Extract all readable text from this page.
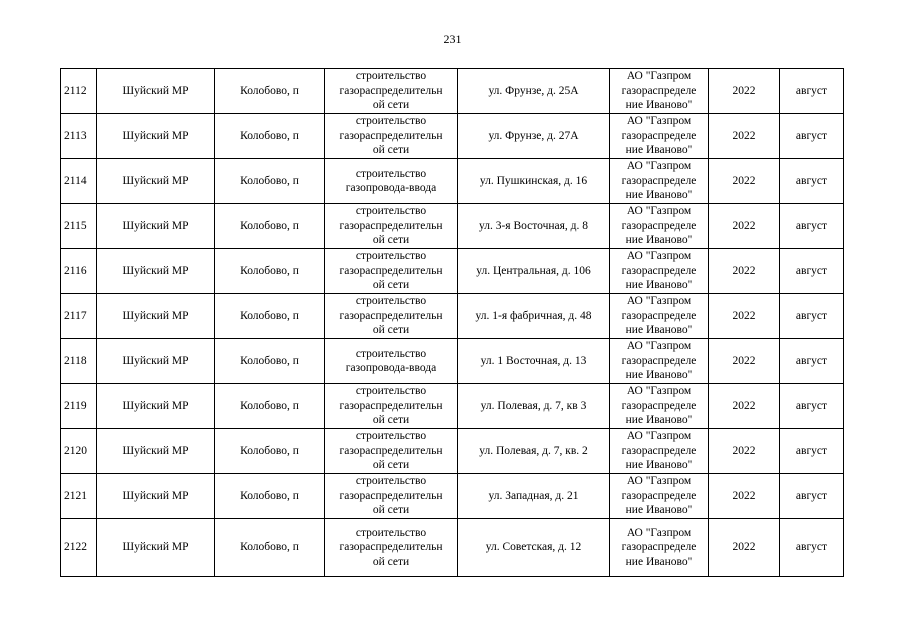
231
2112	Шуйский МР	Колобово, п	строительство
газораспределительн
ой сети	ул. Фрунзе, д. 25А	АО "Газпром
газораспределе
ние Иваново"	2022	август
2113	Шуйский МР	Колобово, п	строительство
газораспределительн
ой сети	ул. Фрунзе, д. 27А	АО "Газпром
газораспределе
ние Иваново"	2022	август
2114	Шуйский МР	Колобово, п	строительство
газопровода-ввода	ул. Пушкинская, д. 16	АО "Газпром
газораспределе
ние Иваново"	2022	август
2115	Шуйский МР	Колобово, п	строительство
газораспределительн
ой сети	ул. 3-я Восточная, д. 8	АО "Газпром
газораспределе
ние Иваново"	2022	август
2116	Шуйский МР	Колобово, п	строительство
газораспределительн
ой сети	ул. Центральная, д. 106	АО "Газпром
газораспределе
ние Иваново"	2022	август
2117	Шуйский МР	Колобово, п	строительство
газораспределительн
ой сети	ул. 1-я фабричная, д. 48	АО "Газпром
газораспределе
ние Иваново"	2022	август
2118	Шуйский МР	Колобово, п	строительство
газопровода-ввода	ул. 1 Восточная, д. 13	АО "Газпром
газораспределе
ние Иваново"	2022	август
2119	Шуйский МР	Колобово, п	строительство
газораспределительн
ой сети	ул. Полевая, д. 7, кв 3	АО "Газпром
газораспределе
ние Иваново"	2022	август
2120	Шуйский МР	Колобово, п	строительство
газораспределительн
ой сети	ул. Полевая, д. 7, кв. 2	АО "Газпром
газораспределе
ние Иваново"	2022	август
2121	Шуйский МР	Колобово, п	строительство
газораспределительн
ой сети	ул. Западная, д. 21	АО "Газпром
газораспределе
ние Иваново"	2022	август
2122	Шуйский МР	Колобово, п	строительство
газораспределительн
ой сети	ул. Советская, д. 12	АО "Газпром
газораспределе
ние Иваново"	2022	август
